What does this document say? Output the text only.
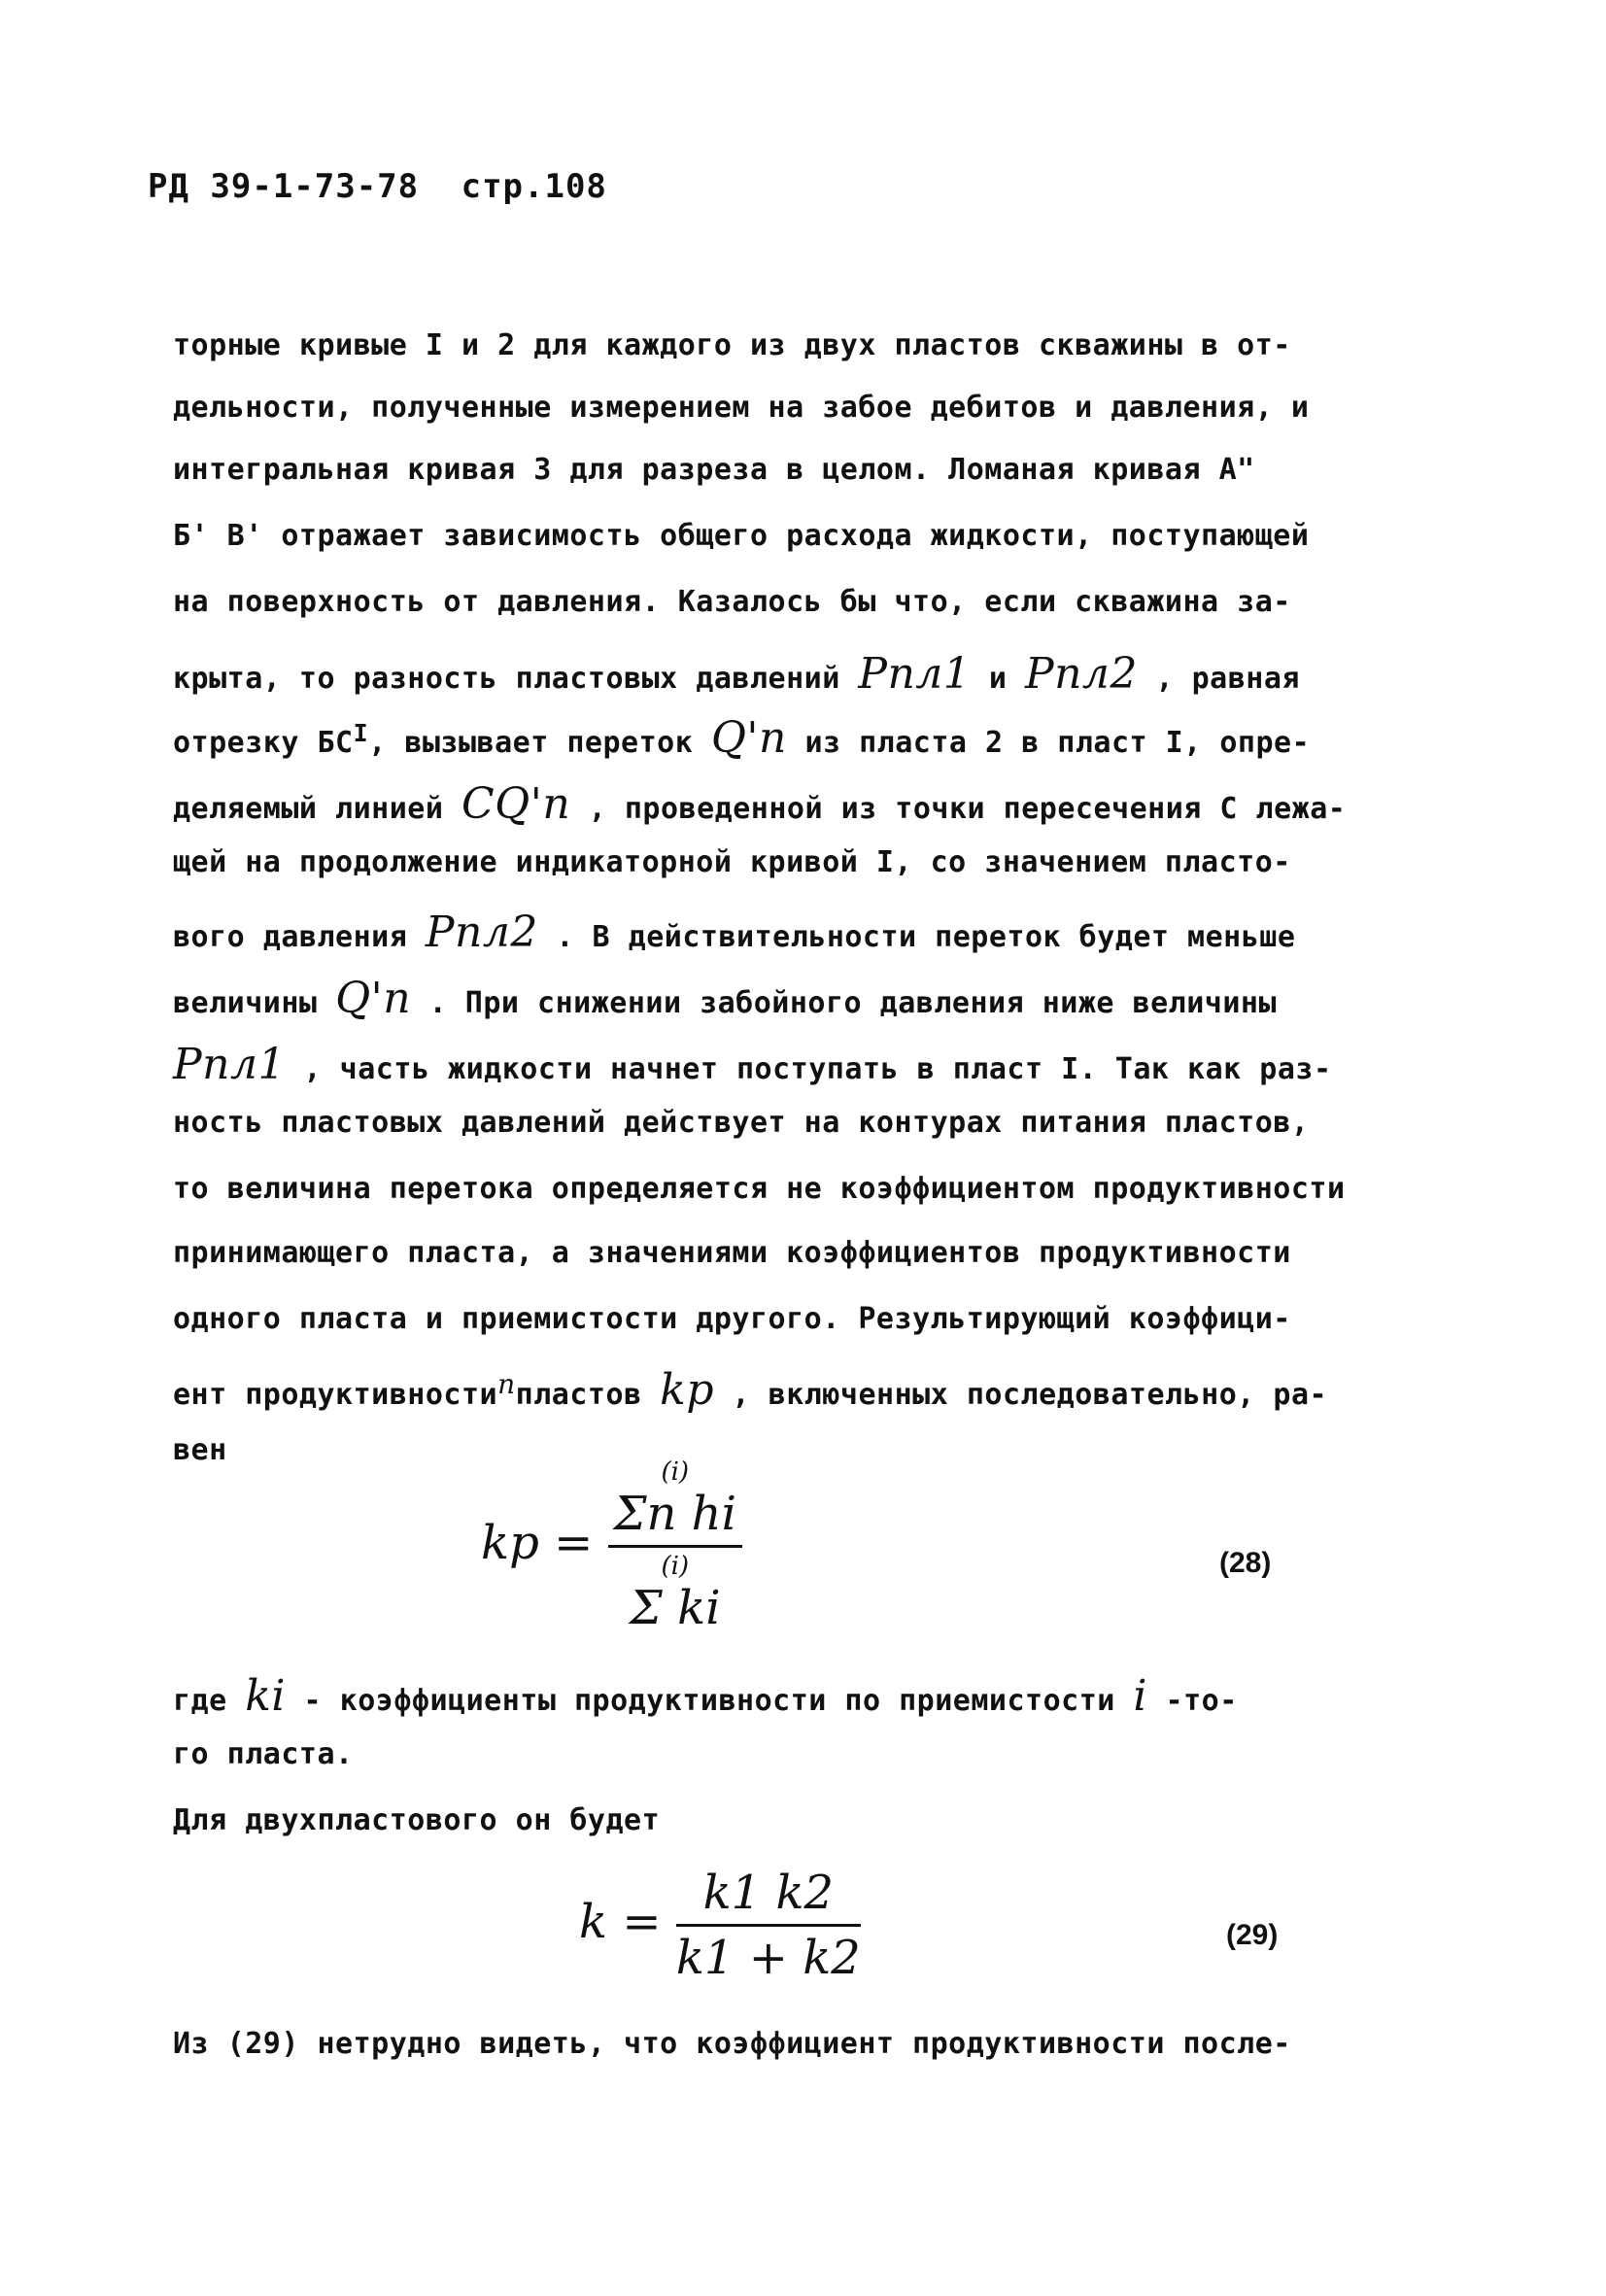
РД 39-1-73-78 стр.108
торные кривые I и 2 для каждого из двух пластов скважины в от-
дельности, полученные измерением на забое дебитов и давления, и
интегральная кривая 3 для разреза в целом. Ломаная кривая А"
Б' В' отражает зависимость общего расхода жидкости, поступающей
на поверхность от давления. Казалось бы что, если скважина за-
крыта, то разность пластовых давлений Pпл1 и Pпл2 , равная
отрезку $БС^I$, вызывает переток Q'п из пласта 2 в пласт I, опре-
деляемый линией CQ'п , проведенной из точки пересечения С лежа-
щей на продолжение индикаторной кривой I, со значением пласто-
вого давления Pпл2 . В действительности переток будет меньше
величины Q'п . При снижении забойного давления ниже величины
Pпл1 , часть жидкости начнет поступать в пласт I. Так как раз-
ность пластовых давлений действует на контурах питания пластов,
то величина перетока определяется не коэффициентом продуктивности
принимающего пласта, а значениями коэффициентов продуктивности
одного пласта и приемистости другого. Результирующий коэффици-
ент продуктивности$^n$пластов kр , включенных последовательно, ра-
вен
kр = (i)
Σn hi
(i)
Σ ki	(28)
где ki - коэффициенты продуктивности по приемистости i -то-
го пласта.
Для двухпластового он будет
$k = \frac{k1 k2}{k1 + k2}$	(29)
Из (29) нетрудно видеть, что коэффициент продуктивности после-
